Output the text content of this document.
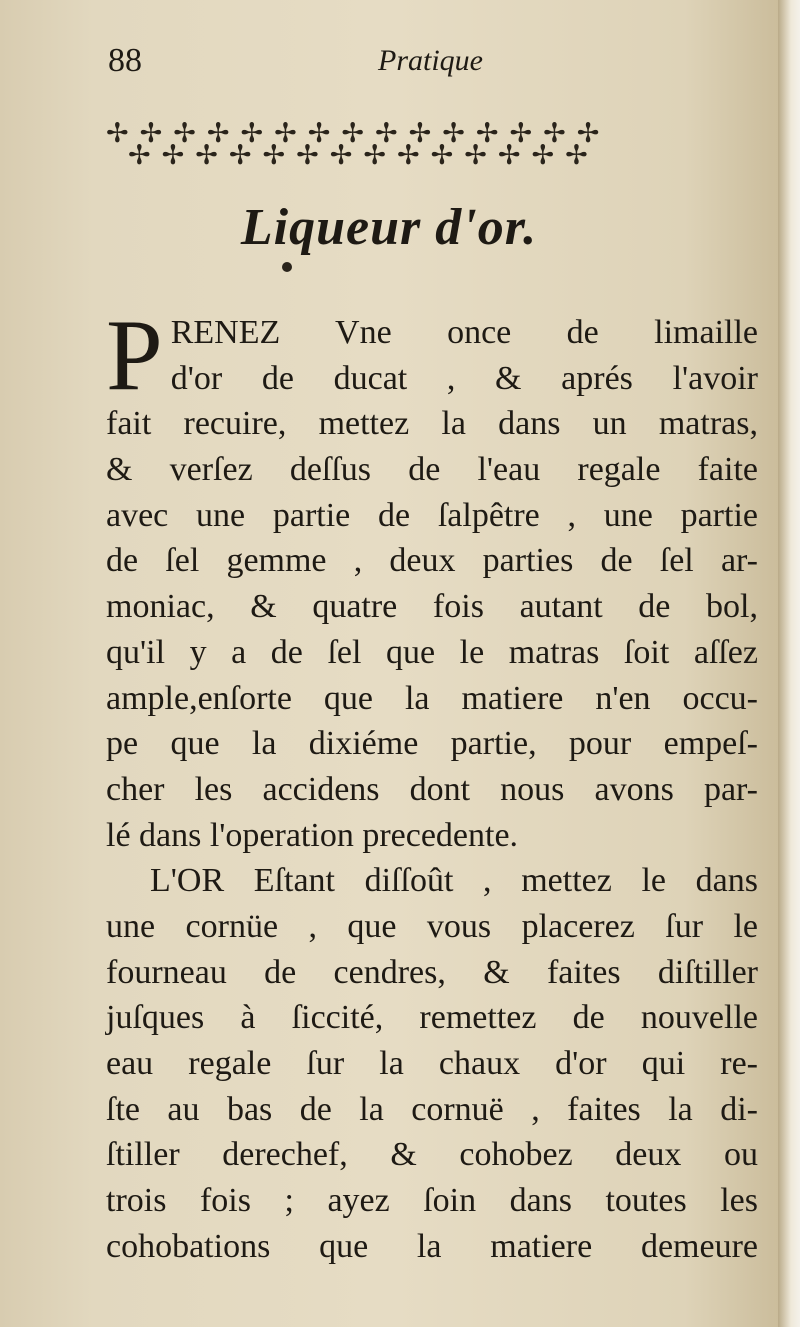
88	Pratique
✢✢✢✢✢✢✢✢✢✢✢✢✢✢✢
✢✢✢✢✢✢✢✢✢✢✢✢✢✢
Liqueur d'or.
P RENEZ Vne once de limaille
d'or de ducat , & aprés l'avoir
fait recuire, mettez la dans un matras,
& verſez deſſus de l'eau regale faite
avec une partie de ſalpêtre , une partie
de ſel gemme , deux parties de ſel ar-
moniac, & quatre fois autant de bol,
qu'il y a de ſel que le matras ſoit aſſez
ample,enſorte que la matiere n'en occu-
pe que la dixiéme partie, pour empeſ-
cher les accidens dont nous avons par-
lé dans l'operation precedente.
L'OR Eſtant diſſoût , mettez le dans
une cornüe , que vous placerez ſur le
fourneau de cendres, & faites diſtiller
juſques à ſiccité, remettez de nouvelle
eau regale ſur la chaux d'or qui re-
ſte au bas de la cornuë , faites la di-
ſtiller derechef, & cohobez deux ou
trois fois ; ayez ſoin dans toutes les
cohobations que la matiere demeure
